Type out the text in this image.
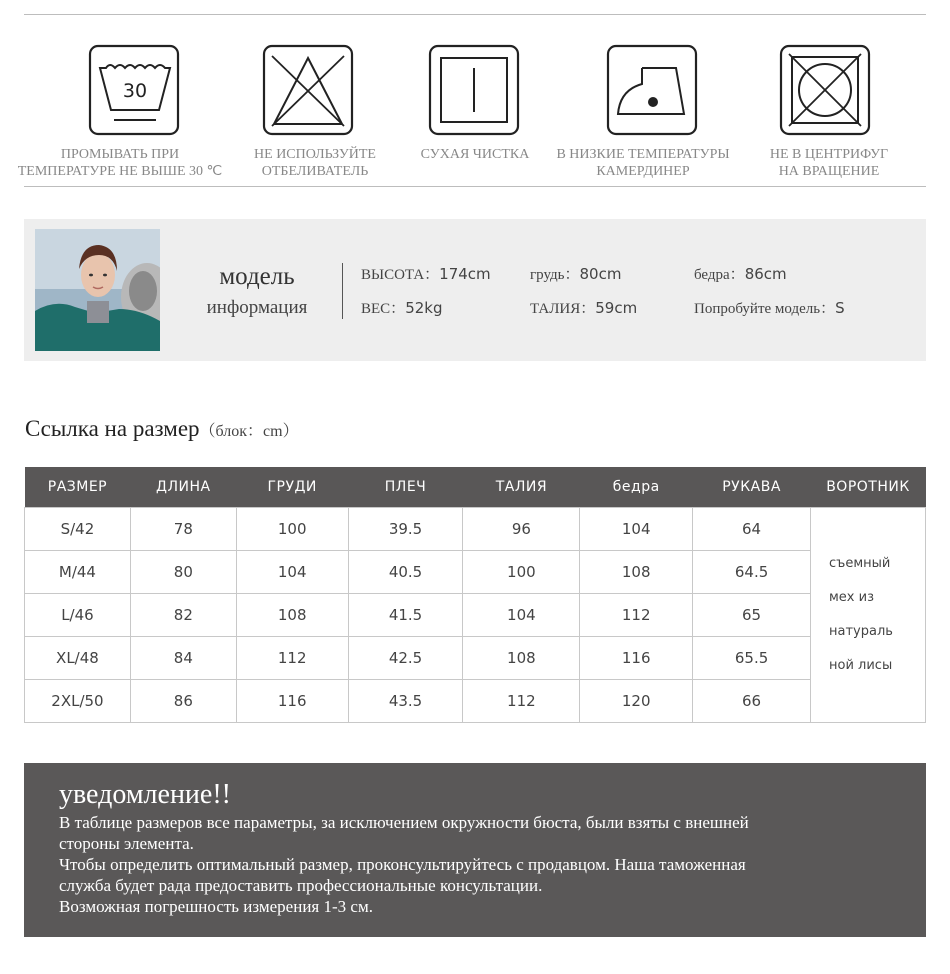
30
ПРОМЫВАТЬ ПРИ
ТЕМПЕРАТУРЕ НЕ ВЫШЕ 30 ℃
НЕ ИСПОЛЬЗУЙТЕ
ОТБЕЛИВАТЕЛЬ
СУХАЯ ЧИСТКА	В НИЗКИЕ ТЕМПЕРАТУРЫ
КАМЕРДИНЕР
НЕ В ЦЕНТРИФУГ
НА ВРАЩЕНИЕ
модель
информация
ВЫСОТА：174cm
ВЕС：52kg
грудь：80cm
ТАЛИЯ：59cm
бедра：86cm
Попробуйте модель：S
Ссылка на размер（блок：cm）
РАЗМЕР	ДЛИНА	ГРУДИ	ПЛЕЧ	ТАЛИЯ	бедра	РУКАВА	ВОРОТНИК
S/42	78	100	39.5	96	104	64	съемный
мех из
натураль
ной лисы

M/44	80	104	40.5	100	108	64.5	
L/46	82	108	41.5	104	112	65	
XL/48	84	112	42.5	108	116	65.5	
2XL/50	86	116	43.5	112	120	66	
уведомление!!
В таблице размеров все параметры, за исключением окружности бюста, были взяты с внешней
стороны элемента.
Чтобы определить оптимальный размер, проконсультируйтесь с продавцом. Наша таможенная
служба будет рада предоставить профессиональные консультации.
Возможная погрешность измерения 1-3 см.
